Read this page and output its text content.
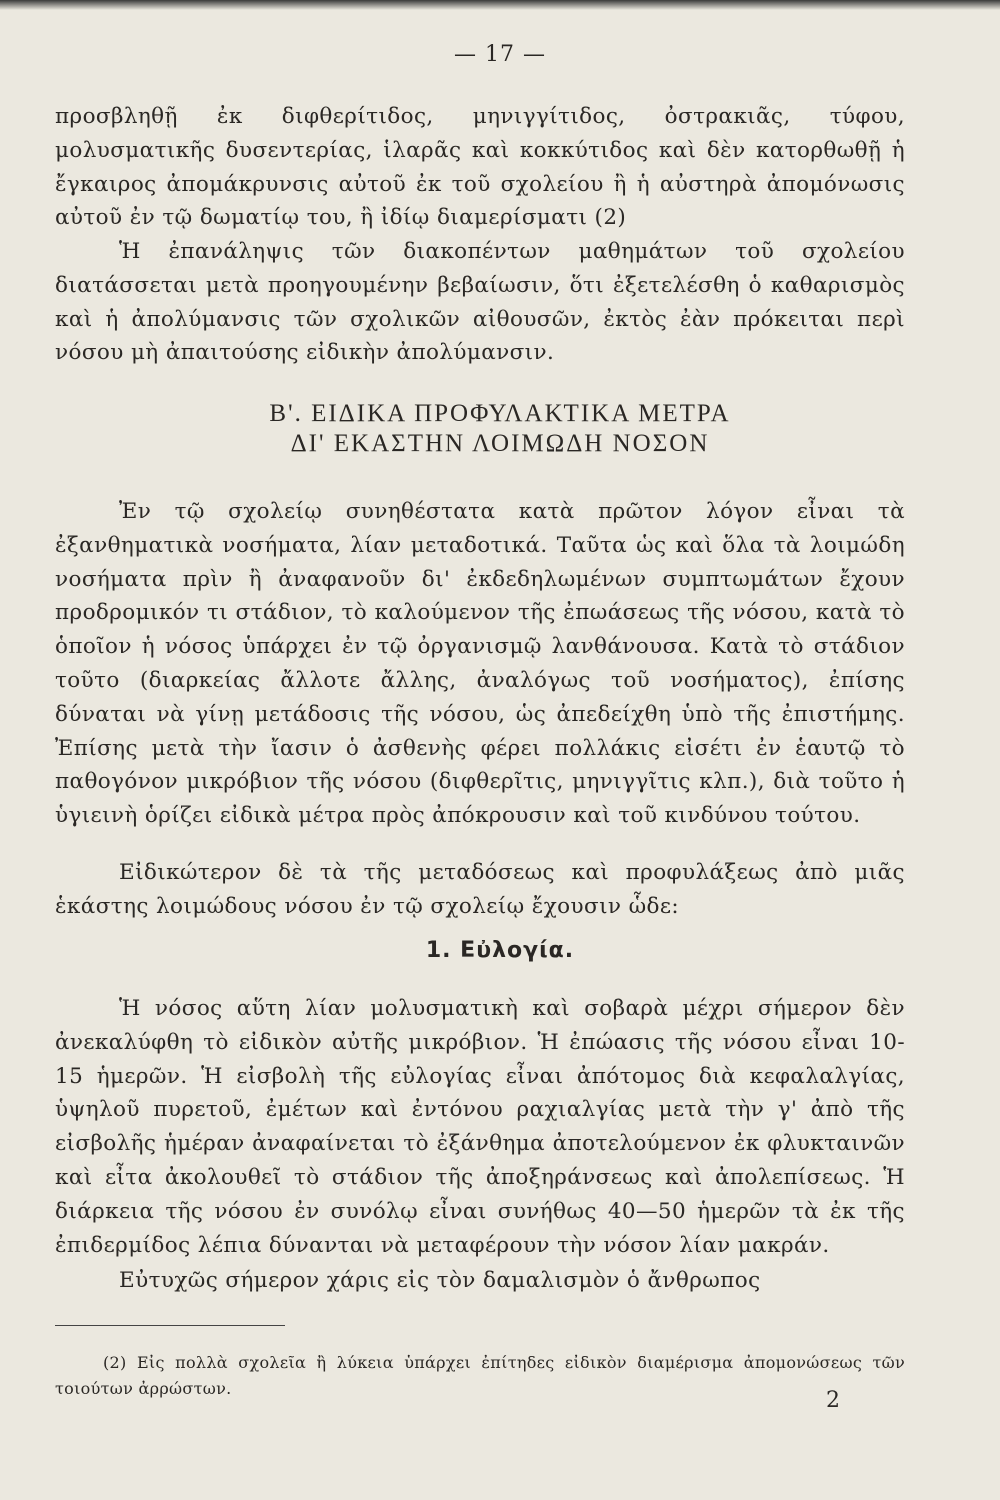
— 17 —

προσβληθῇ ἐκ διφθερίτιδος, μηνιγγίτιδος, ὀστρακιᾶς, τύφου, μολυσματικῆς δυσεντερίας, ἱλαρᾶς καὶ κοκκύτιδος καὶ δὲν κατορθωθῇ ἡ ἔγκαιρος ἀπομάκρυνσις αὐτοῦ ἐκ τοῦ σχολείου ἢ ἡ αὐστηρὰ ἀπομόνωσις αὐτοῦ ἐν τῷ δωματίῳ του, ἢ ἰδίῳ διαμερίσματι (2)

Ἡ ἐπανάληψις τῶν διακοπέντων μαθημάτων τοῦ σχολείου διατάσσεται μετὰ προηγουμένην βεβαίωσιν, ὅτι ἐξετελέσθη ὁ καθαρισμὸς καὶ ἡ ἀπολύμανσις τῶν σχολικῶν αἰθουσῶν, ἐκτὸς ἐὰν πρόκειται περὶ νόσου μὴ ἀπαιτούσης εἰδικὴν ἀπολύμανσιν.

Β'. ΕΙΔΙΚΑ ΠΡΟΦΥΛΑΚΤΙΚΑ ΜΕΤΡΑ
ΔΙ' ΕΚΑΣΤΗΝ ΛΟΙΜΩΔΗ ΝΟΣΟΝ

Ἐν τῷ σχολείῳ συνηθέστατα κατὰ πρῶτον λόγον εἶναι τὰ ἐξανθηματικὰ νοσήματα, λίαν μεταδοτικά. Ταῦτα ὡς καὶ ὅλα τὰ λοιμώδη νοσήματα πρὶν ἢ ἀναφανοῦν δι' ἐκδεδηλωμένων συμπτωμάτων ἔχουν προδρομικόν τι στάδιον, τὸ καλούμενον τῆς ἐπωάσεως τῆς νόσου, κατὰ τὸ ὁποῖον ἡ νόσος ὑπάρχει ἐν τῷ ὀργανισμῷ λανθάνουσα. Κατὰ τὸ στάδιον τοῦτο (διαρκείας ἄλλοτε ἄλλης, ἀναλόγως τοῦ νοσήματος), ἐπίσης δύναται νὰ γίνῃ μετάδοσις τῆς νόσου, ὡς ἀπεδείχθη ὑπὸ τῆς ἐπιστήμης. Ἐπίσης μετὰ τὴν ἴασιν ὁ ἀσθενὴς φέρει πολλάκις εἰσέτι ἐν ἑαυτῷ τὸ παθογόνον μικρόβιον τῆς νόσου (διφθερῖτις, μηνιγγῖτις κλπ.), διὰ τοῦτο ἡ ὑγιεινὴ ὁρίζει εἰδικὰ μέτρα πρὸς ἀπόκρουσιν καὶ τοῦ κινδύνου τούτου.

Εἰδικώτερον δὲ τὰ τῆς μεταδόσεως καὶ προφυλάξεως ἀπὸ μιᾶς ἑκάστης λοιμώδους νόσου ἐν τῷ σχολείῳ ἔχουσιν ὧδε:

1. Εὐλογία.

Ἡ νόσος αὕτη λίαν μολυσματικὴ καὶ σοβαρὰ μέχρι σήμερον δὲν ἀνεκαλύφθη τὸ εἰδικὸν αὐτῆς μικρόβιον. Ἡ ἐπώασις τῆς νόσου εἶναι 10-15 ἡμερῶν. Ἡ εἰσβολὴ τῆς εὐλογίας εἶναι ἀπότομος διὰ κεφαλαλγίας, ὑψηλοῦ πυρετοῦ, ἐμέτων καὶ ἐντόνου ραχιαλγίας μετὰ τὴν γ' ἀπὸ τῆς εἰσβολῆς ἡμέραν ἀναφαίνεται τὸ ἐξάνθημα ἀποτελούμενον ἐκ φλυκταινῶν καὶ εἶτα ἀκολουθεῖ τὸ στάδιον τῆς ἀποξηράνσεως καὶ ἀπολεπίσεως. Ἡ διάρκεια τῆς νόσου ἐν συνόλῳ εἶναι συνήθως 40—50 ἡμερῶν τὰ ἐκ τῆς ἐπιδερμίδος λέπια δύνανται νὰ μεταφέρουν τὴν νόσον λίαν μακράν.

Εὐτυχῶς σήμερον χάρις εἰς τὸν δαμαλισμὸν ὁ ἄνθρωπος

(2) Εἰς πολλὰ σχολεῖα ἢ λύκεια ὑπάρχει ἐπίτηδες εἰδικὸν διαμέρισμα ἀπομονώσεως τῶν τοιούτων ἀρρώστων.	2
